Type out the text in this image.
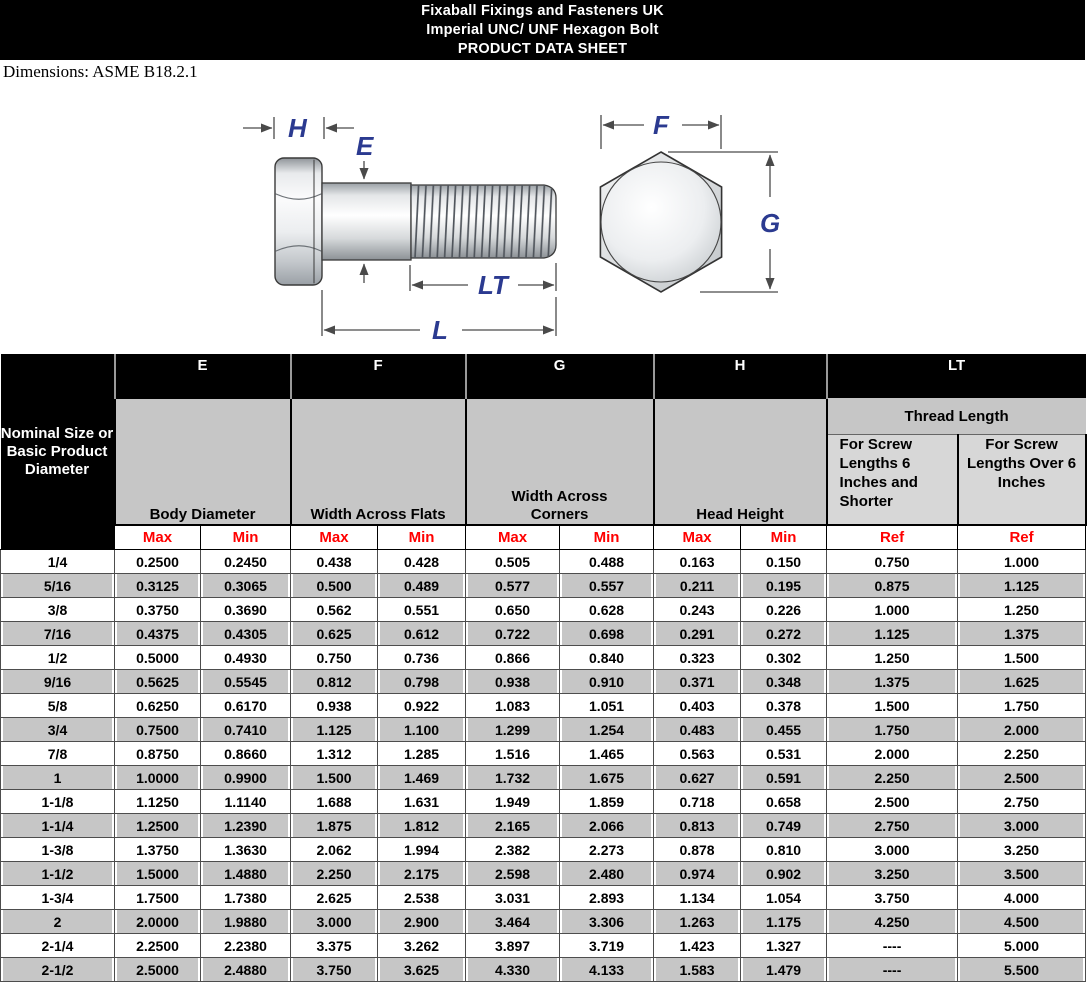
Fixaball Fixings and Fasteners UK
Imperial UNC/ UNF Hexagon Bolt
PRODUCT DATA SHEET
Dimensions: ASME B18.2.1
H
E
LT
L
F
G
Nominal Size or Basic Product Diameter	E		F		G		H		LT	
	Body Diameter		Width Across Flats		Width Across Corners		Head Height		Thread Length	
									For Screw Lengths 6 Inches and Shorter	For Screw Lengths Over 6 Inches
	Max	Min	Max	Min	Max	Min	Max	Min	Ref	Ref
1/4	0.2500	0.2450	0.438	0.428	0.505	0.488	0.163	0.150	0.750	1.000
5/16	0.3125	0.3065	0.500	0.489	0.577	0.557	0.211	0.195	0.875	1.125
3/8	0.3750	0.3690	0.562	0.551	0.650	0.628	0.243	0.226	1.000	1.250
7/16	0.4375	0.4305	0.625	0.612	0.722	0.698	0.291	0.272	1.125	1.375
1/2	0.5000	0.4930	0.750	0.736	0.866	0.840	0.323	0.302	1.250	1.500
9/16	0.5625	0.5545	0.812	0.798	0.938	0.910	0.371	0.348	1.375	1.625
5/8	0.6250	0.6170	0.938	0.922	1.083	1.051	0.403	0.378	1.500	1.750
3/4	0.7500	0.7410	1.125	1.100	1.299	1.254	0.483	0.455	1.750	2.000
7/8	0.8750	0.8660	1.312	1.285	1.516	1.465	0.563	0.531	2.000	2.250
1	1.0000	0.9900	1.500	1.469	1.732	1.675	0.627	0.591	2.250	2.500
1-1/8	1.1250	1.1140	1.688	1.631	1.949	1.859	0.718	0.658	2.500	2.750
1-1/4	1.2500	1.2390	1.875	1.812	2.165	2.066	0.813	0.749	2.750	3.000
1-3/8	1.3750	1.3630	2.062	1.994	2.382	2.273	0.878	0.810	3.000	3.250
1-1/2	1.5000	1.4880	2.250	2.175	2.598	2.480	0.974	0.902	3.250	3.500
1-3/4	1.7500	1.7380	2.625	2.538	3.031	2.893	1.134	1.054	3.750	4.000
2	2.0000	1.9880	3.000	2.900	3.464	3.306	1.263	1.175	4.250	4.500
2-1/4	2.2500	2.2380	3.375	3.262	3.897	3.719	1.423	1.327	----	5.000
2-1/2	2.5000	2.4880	3.750	3.625	4.330	4.133	1.583	1.479	----	5.500
